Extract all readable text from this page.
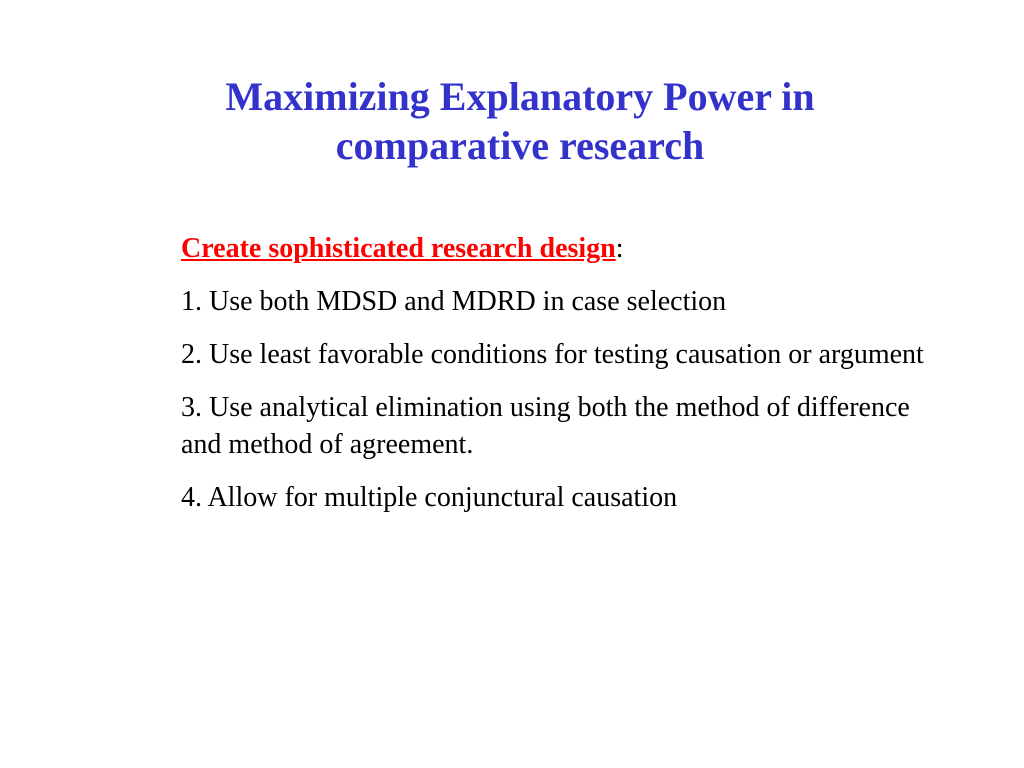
Maximizing Explanatory Power in
comparative research
Create sophisticated research design:
1. Use both MDSD and MDRD in case selection
2. Use least favorable conditions for testing causation or argument
3. Use analytical elimination using both the method of difference and method of agreement.
4. Allow for multiple conjunctural causation
